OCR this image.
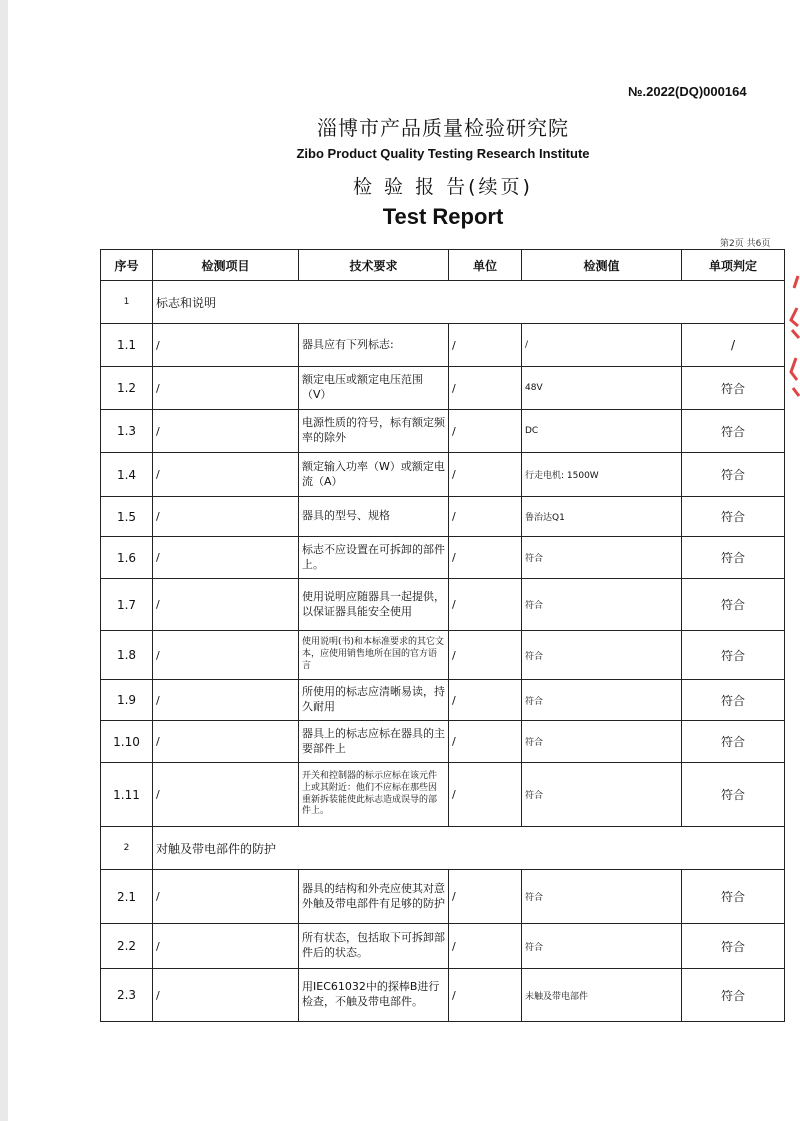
№.2022(DQ)000164
淄博市产品质量检验研究院
Zibo Product Quality Testing Research Institute
检 验 报 告(续页)
Test Report
第2页 共6页
序号	检测项目	技术要求	单位	检测值	单项判定
1	标志和说明				
1.1	/	器具应有下列标志:	/	/	/
1.2	/	额定电压或额定电压范围（V）	/	48V	符合
1.3	/	电源性质的符号，标有额定频率的除外	/	DC	符合
1.4	/	额定输入功率（W）或额定电流（A）	/	行走电机: 1500W	符合
1.5	/	器具的型号、规格	/	鲁治达Q1	符合
1.6	/	标志不应设置在可拆卸的部件上。	/	符合	符合
1.7	/	使用说明应随器具一起提供，以保证器具能安全使用	/	符合	符合
1.8	/	使用说明(书)和本标准要求的其它文本，应使用销售地所在国的官方语言	/	符合	符合
1.9	/	所使用的标志应清晰易读，持久耐用	/	符合	符合
1.10	/	器具上的标志应标在器具的主要部件上	/	符合	符合
1.11	/	开关和控制器的标示应标在该元件上或其附近：他们不应标在那些因重新拆装能使此标志造成误导的部件上。	/	符合	符合
2	对触及带电部件的防护				
2.1	/	器具的结构和外壳应使其对意外触及带电部件有足够的防护	/	符合	符合
2.2	/	所有状态，包括取下可拆卸部件后的状态。	/	符合	符合
2.3	/	用IEC61032中的探棒B进行检查，不触及带电部件。	/	未触及带电部件	符合
